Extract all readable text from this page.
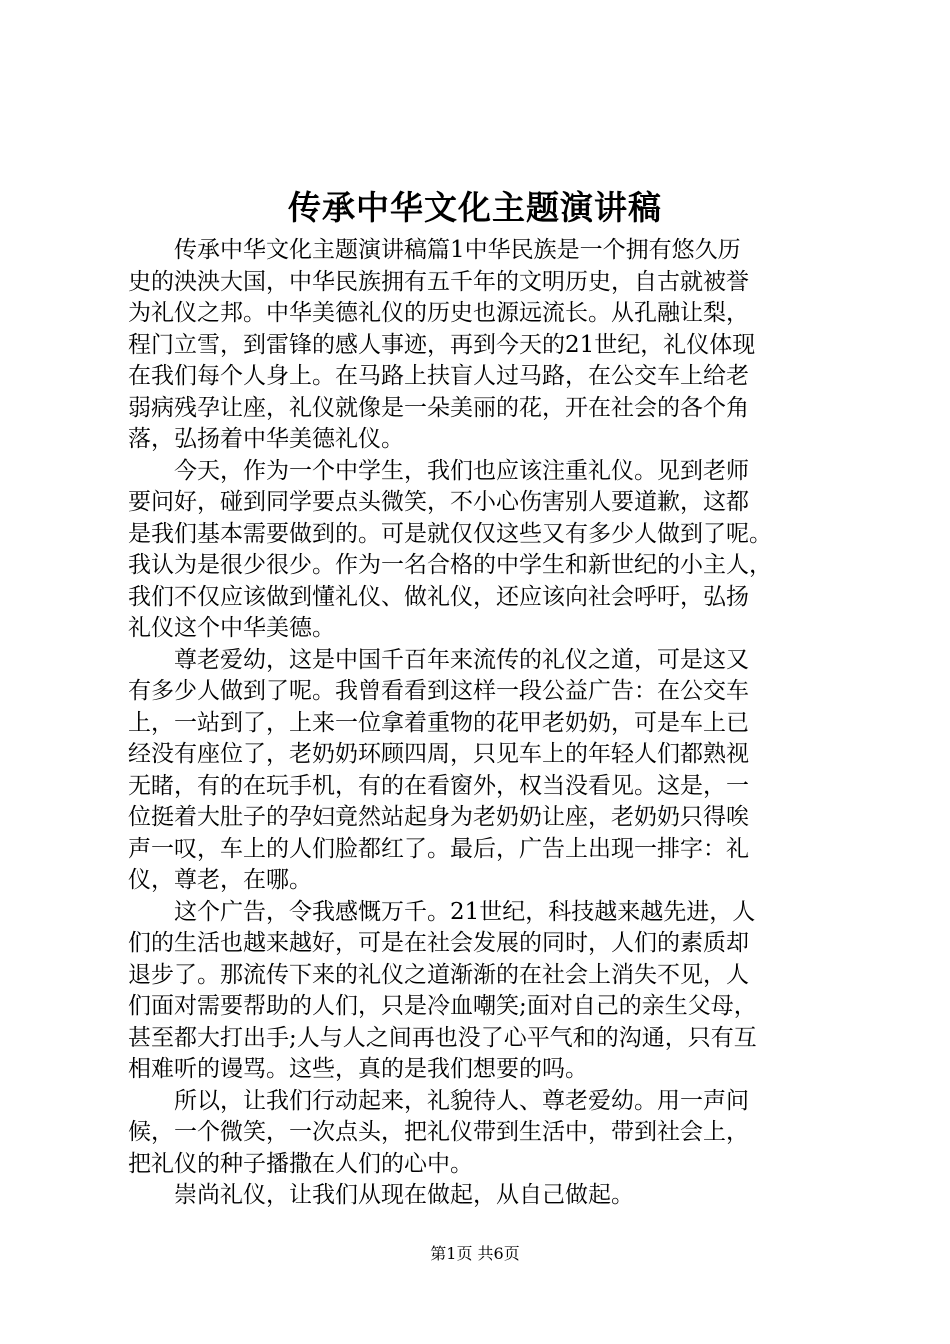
传承中华文化主题演讲稿

传承中华文化主题演讲稿篇1中华民族是一个拥有悠久历
史的泱泱大国，中华民族拥有五千年的文明历史，自古就被誉
为礼仪之邦。中华美德礼仪的历史也源远流长。从孔融让梨，
程门立雪，到雷锋的感人事迹，再到今天的21世纪，礼仪体现
在我们每个人身上。在马路上扶盲人过马路，在公交车上给老
弱病残孕让座，礼仪就像是一朵美丽的花，开在社会的各个角
落，弘扬着中华美德礼仪。

今天，作为一个中学生，我们也应该注重礼仪。见到老师
要问好，碰到同学要点头微笑，不小心伤害别人要道歉，这都
是我们基本需要做到的。可是就仅仅这些又有多少人做到了呢。
我认为是很少很少。作为一名合格的中学生和新世纪的小主人，
我们不仅应该做到懂礼仪、做礼仪，还应该向社会呼吁，弘扬
礼仪这个中华美德。

尊老爱幼，这是中国千百年来流传的礼仪之道，可是这又
有多少人做到了呢。我曾看看到这样一段公益广告：在公交车
上，一站到了，上来一位拿着重物的花甲老奶奶，可是车上已
经没有座位了，老奶奶环顾四周，只见车上的年轻人们都熟视
无睹，有的在玩手机，有的在看窗外，权当没看见。这是，一
位挺着大肚子的孕妇竟然站起身为老奶奶让座，老奶奶只得唉
声一叹，车上的人们脸都红了。最后，广告上出现一排字：礼
仪，尊老，在哪。

这个广告，令我感慨万千。21世纪，科技越来越先进，人
们的生活也越来越好，可是在社会发展的同时，人们的素质却
退步了。那流传下来的礼仪之道渐渐的在社会上消失不见，人
们面对需要帮助的人们，只是冷血嘲笑;面对自己的亲生父母，
甚至都大打出手;人与人之间再也没了心平气和的沟通，只有互
相难听的谩骂。这些，真的是我们想要的吗。

所以，让我们行动起来，礼貌待人、尊老爱幼。用一声问
候，一个微笑，一次点头，把礼仪带到生活中，带到社会上，
把礼仪的种子播撒在人们的心中。

崇尚礼仪，让我们从现在做起，从自己做起。

第1页 共6页
